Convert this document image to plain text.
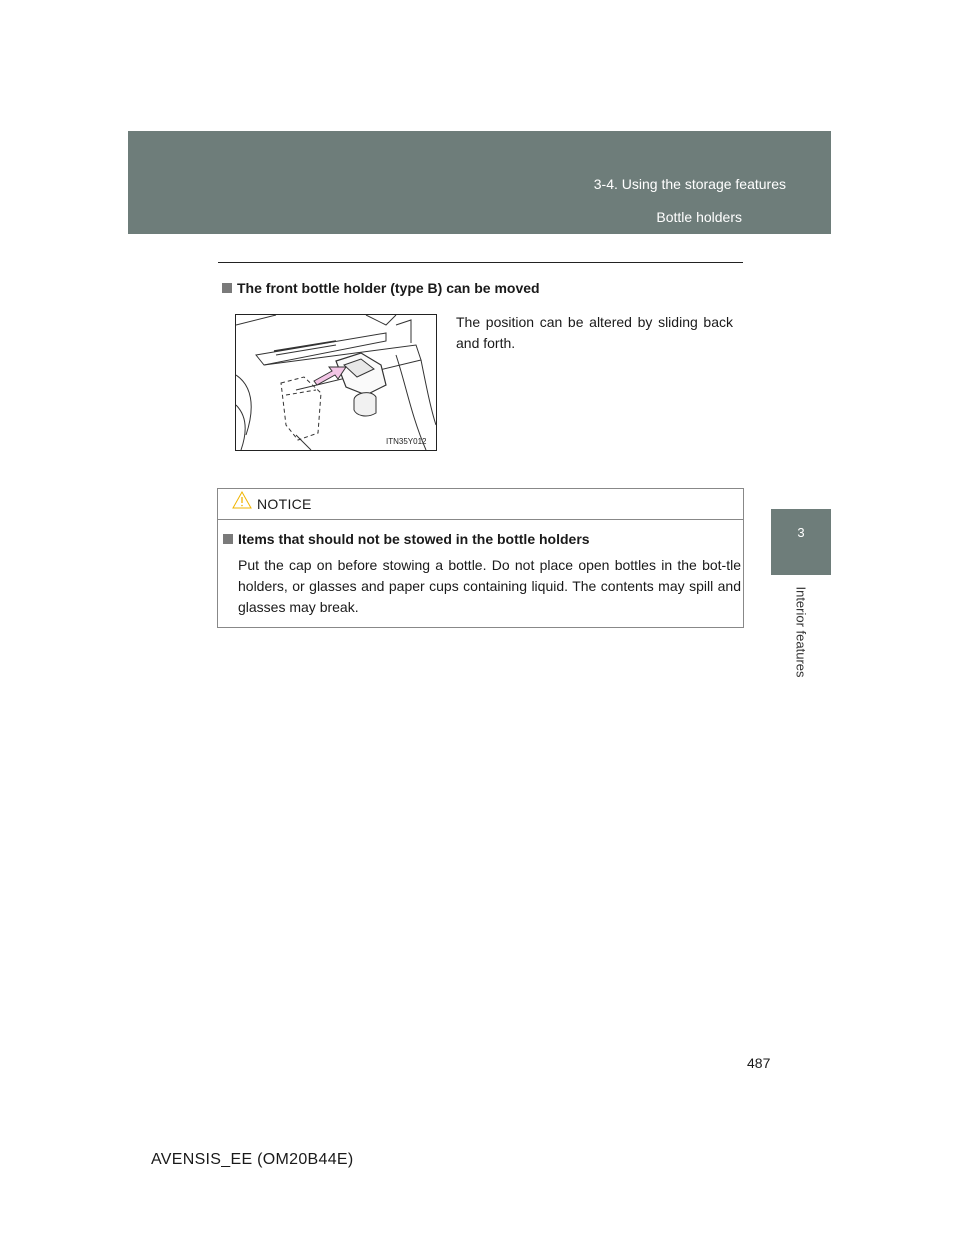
3-4. Using the storage features
Bottle holders
3
Interior features
The front bottle holder (type B) can be moved
ITN35Y012
The position can be altered by sliding back and forth.
NOTICE
Items that should not be stowed in the bottle holders
Put the cap on before stowing a bottle. Do not place open bottles in the bot-tle holders, or glasses and paper cups containing liquid. The contents may spill and glasses may break.
487
AVENSIS_EE (OM20B44E)
